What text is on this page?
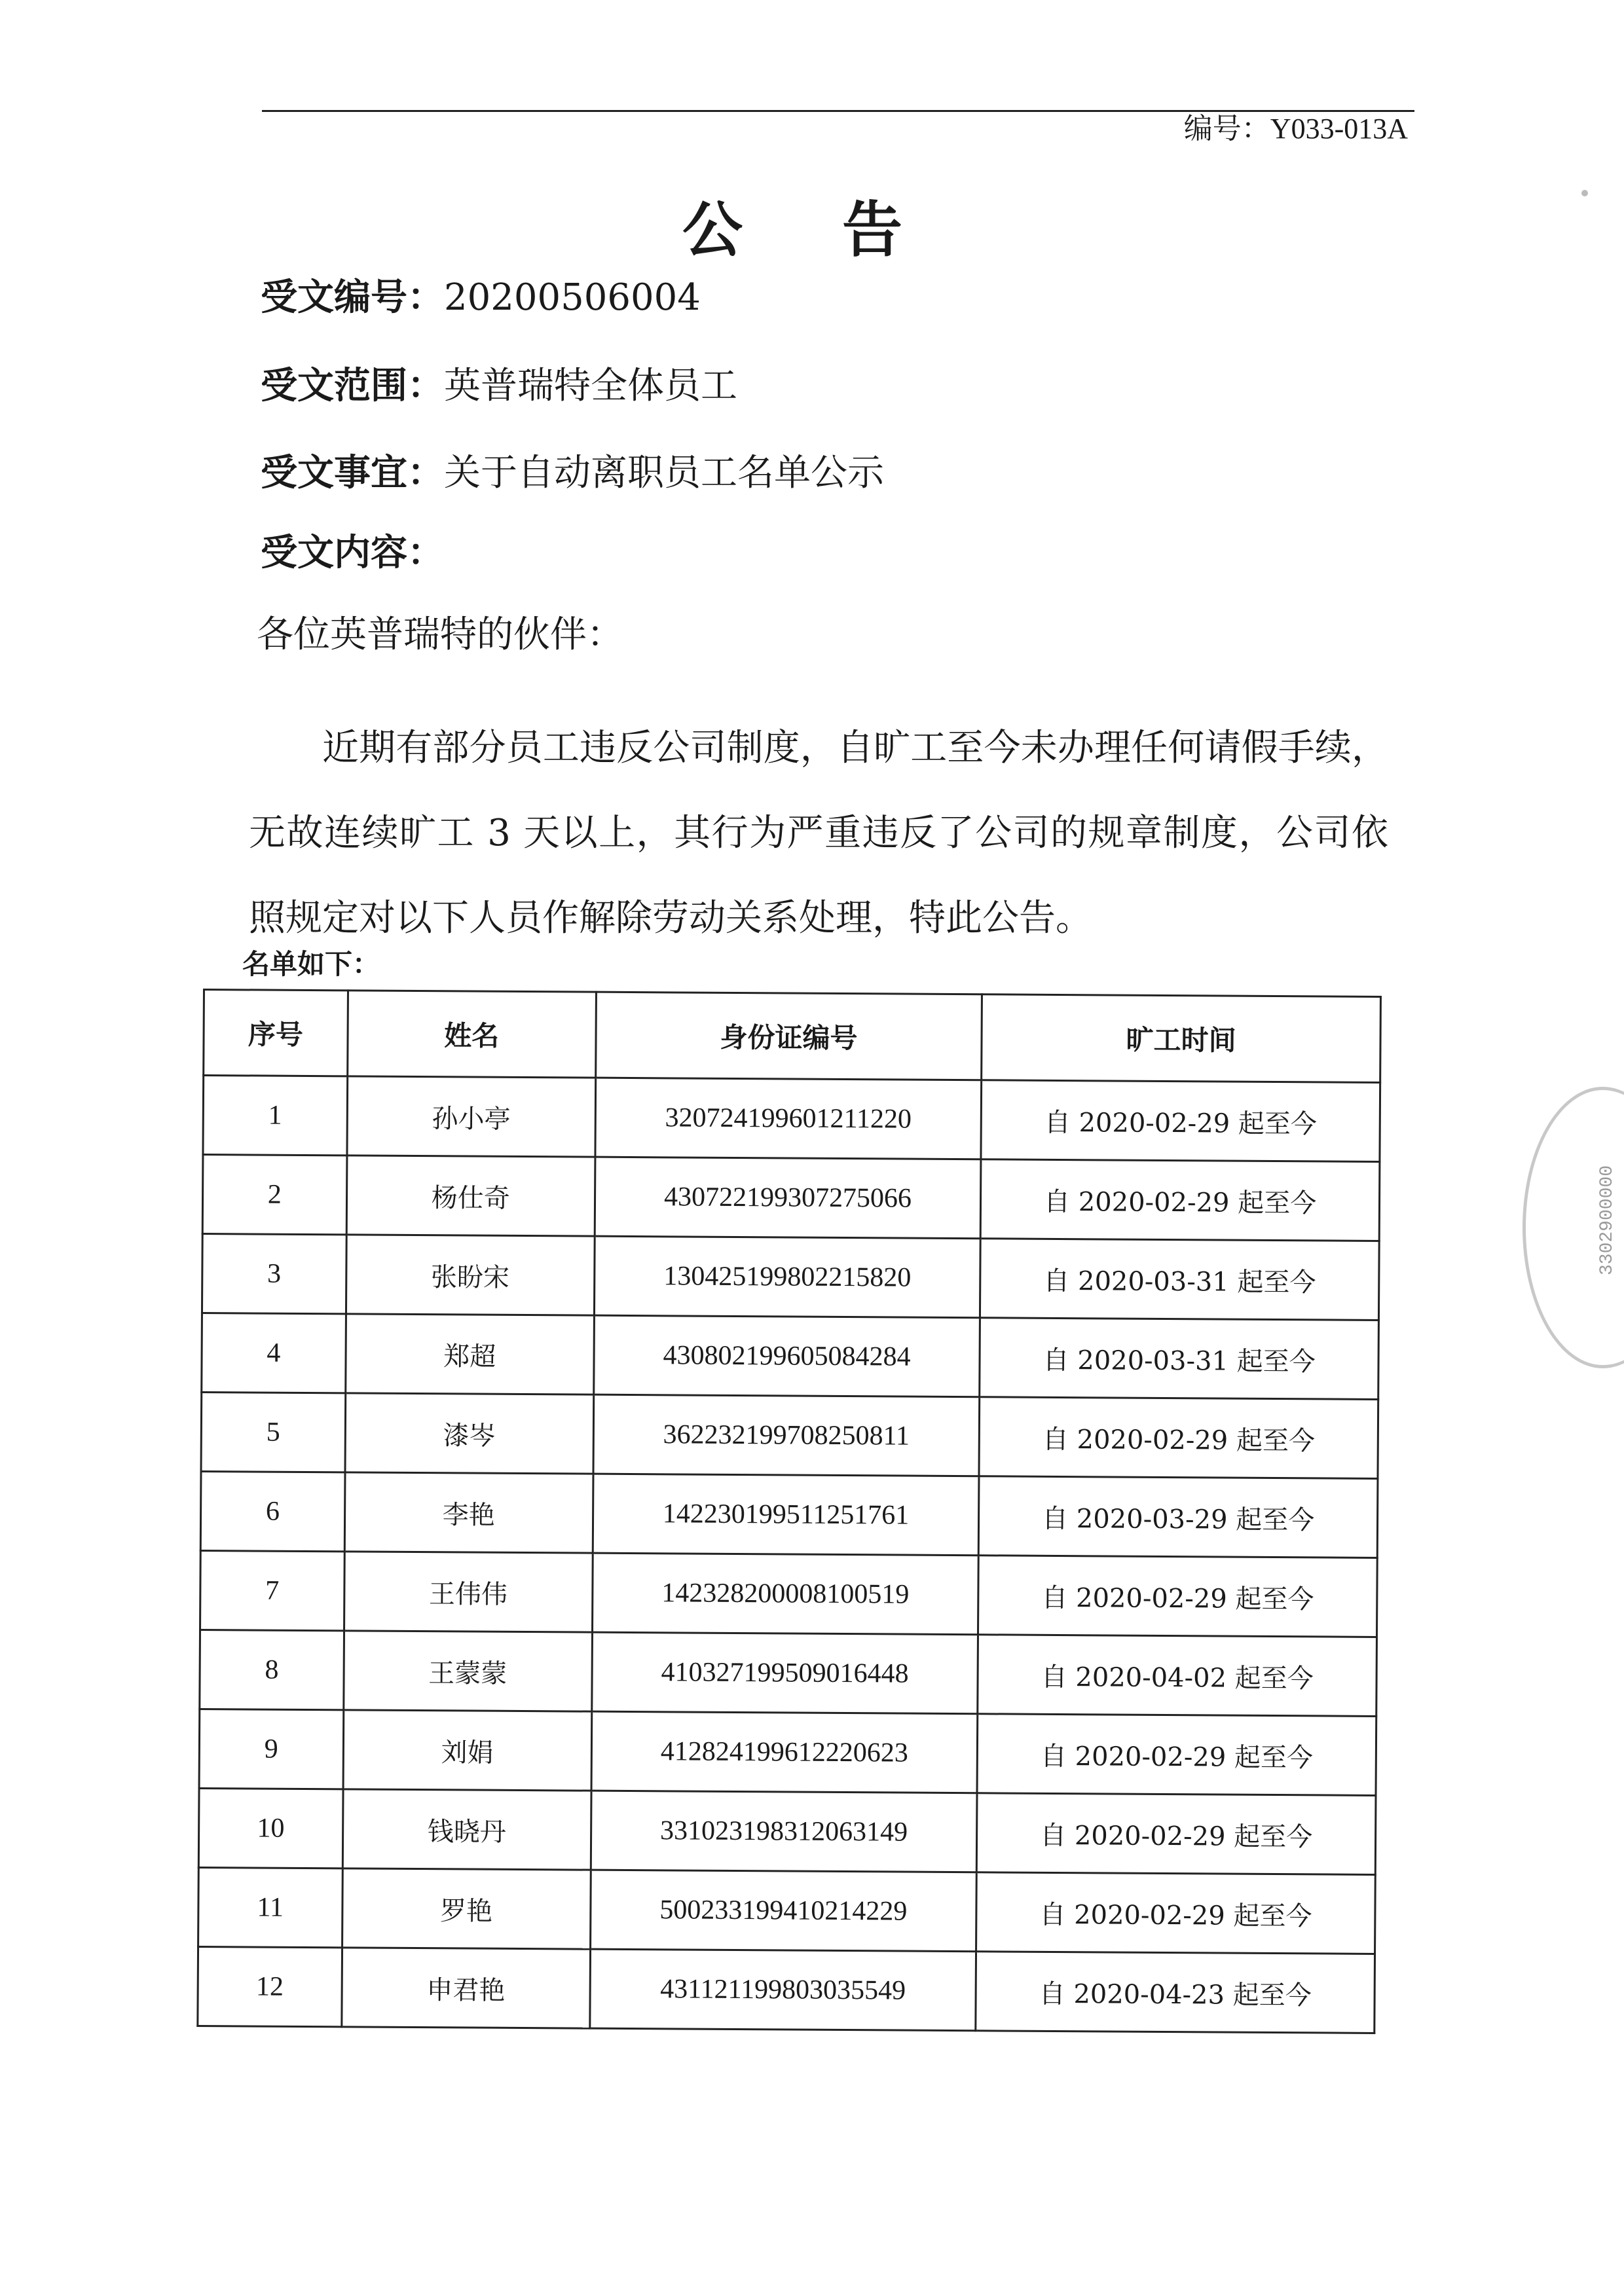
编号：Y033-013A
公 告
受文编号：20200506004
受文范围：英普瑞特全体员工
受文事宜：关于自动离职员工名单公示
受文内容：
各位英普瑞特的伙伴：
近期有部分员工违反公司制度，自旷工至今未办理任何请假手续，无故连续旷工 3 天以上，其行为严重违反了公司的规章制度，公司依照规定对以下人员作解除劳动关系处理，特此公告。
名单如下：
序号	姓名	身份证编号	旷工时间
1	孙小亭	320724199601211220	自 2020-02-29 起至今
2	杨仕奇	430722199307275066	自 2020-02-29 起至今
3	张盼宋	130425199802215820	自 2020-03-31 起至今
4	郑超	430802199605084284	自 2020-03-31 起至今
5	漆岑	362232199708250811	自 2020-02-29 起至今
6	李艳	142230199511251761	自 2020-03-29 起至今
7	王伟伟	142328200008100519	自 2020-02-29 起至今
8	王蒙蒙	410327199509016448	自 2020-04-02 起至今
9	刘娟	412824199612220623	自 2020-02-29 起至今
10	钱晓丹	331023198312063149	自 2020-02-29 起至今
11	罗艳	500233199410214229	自 2020-02-29 起至今
12	申君艳	431121199803035549	自 2020-04-23 起至今
3302900000
